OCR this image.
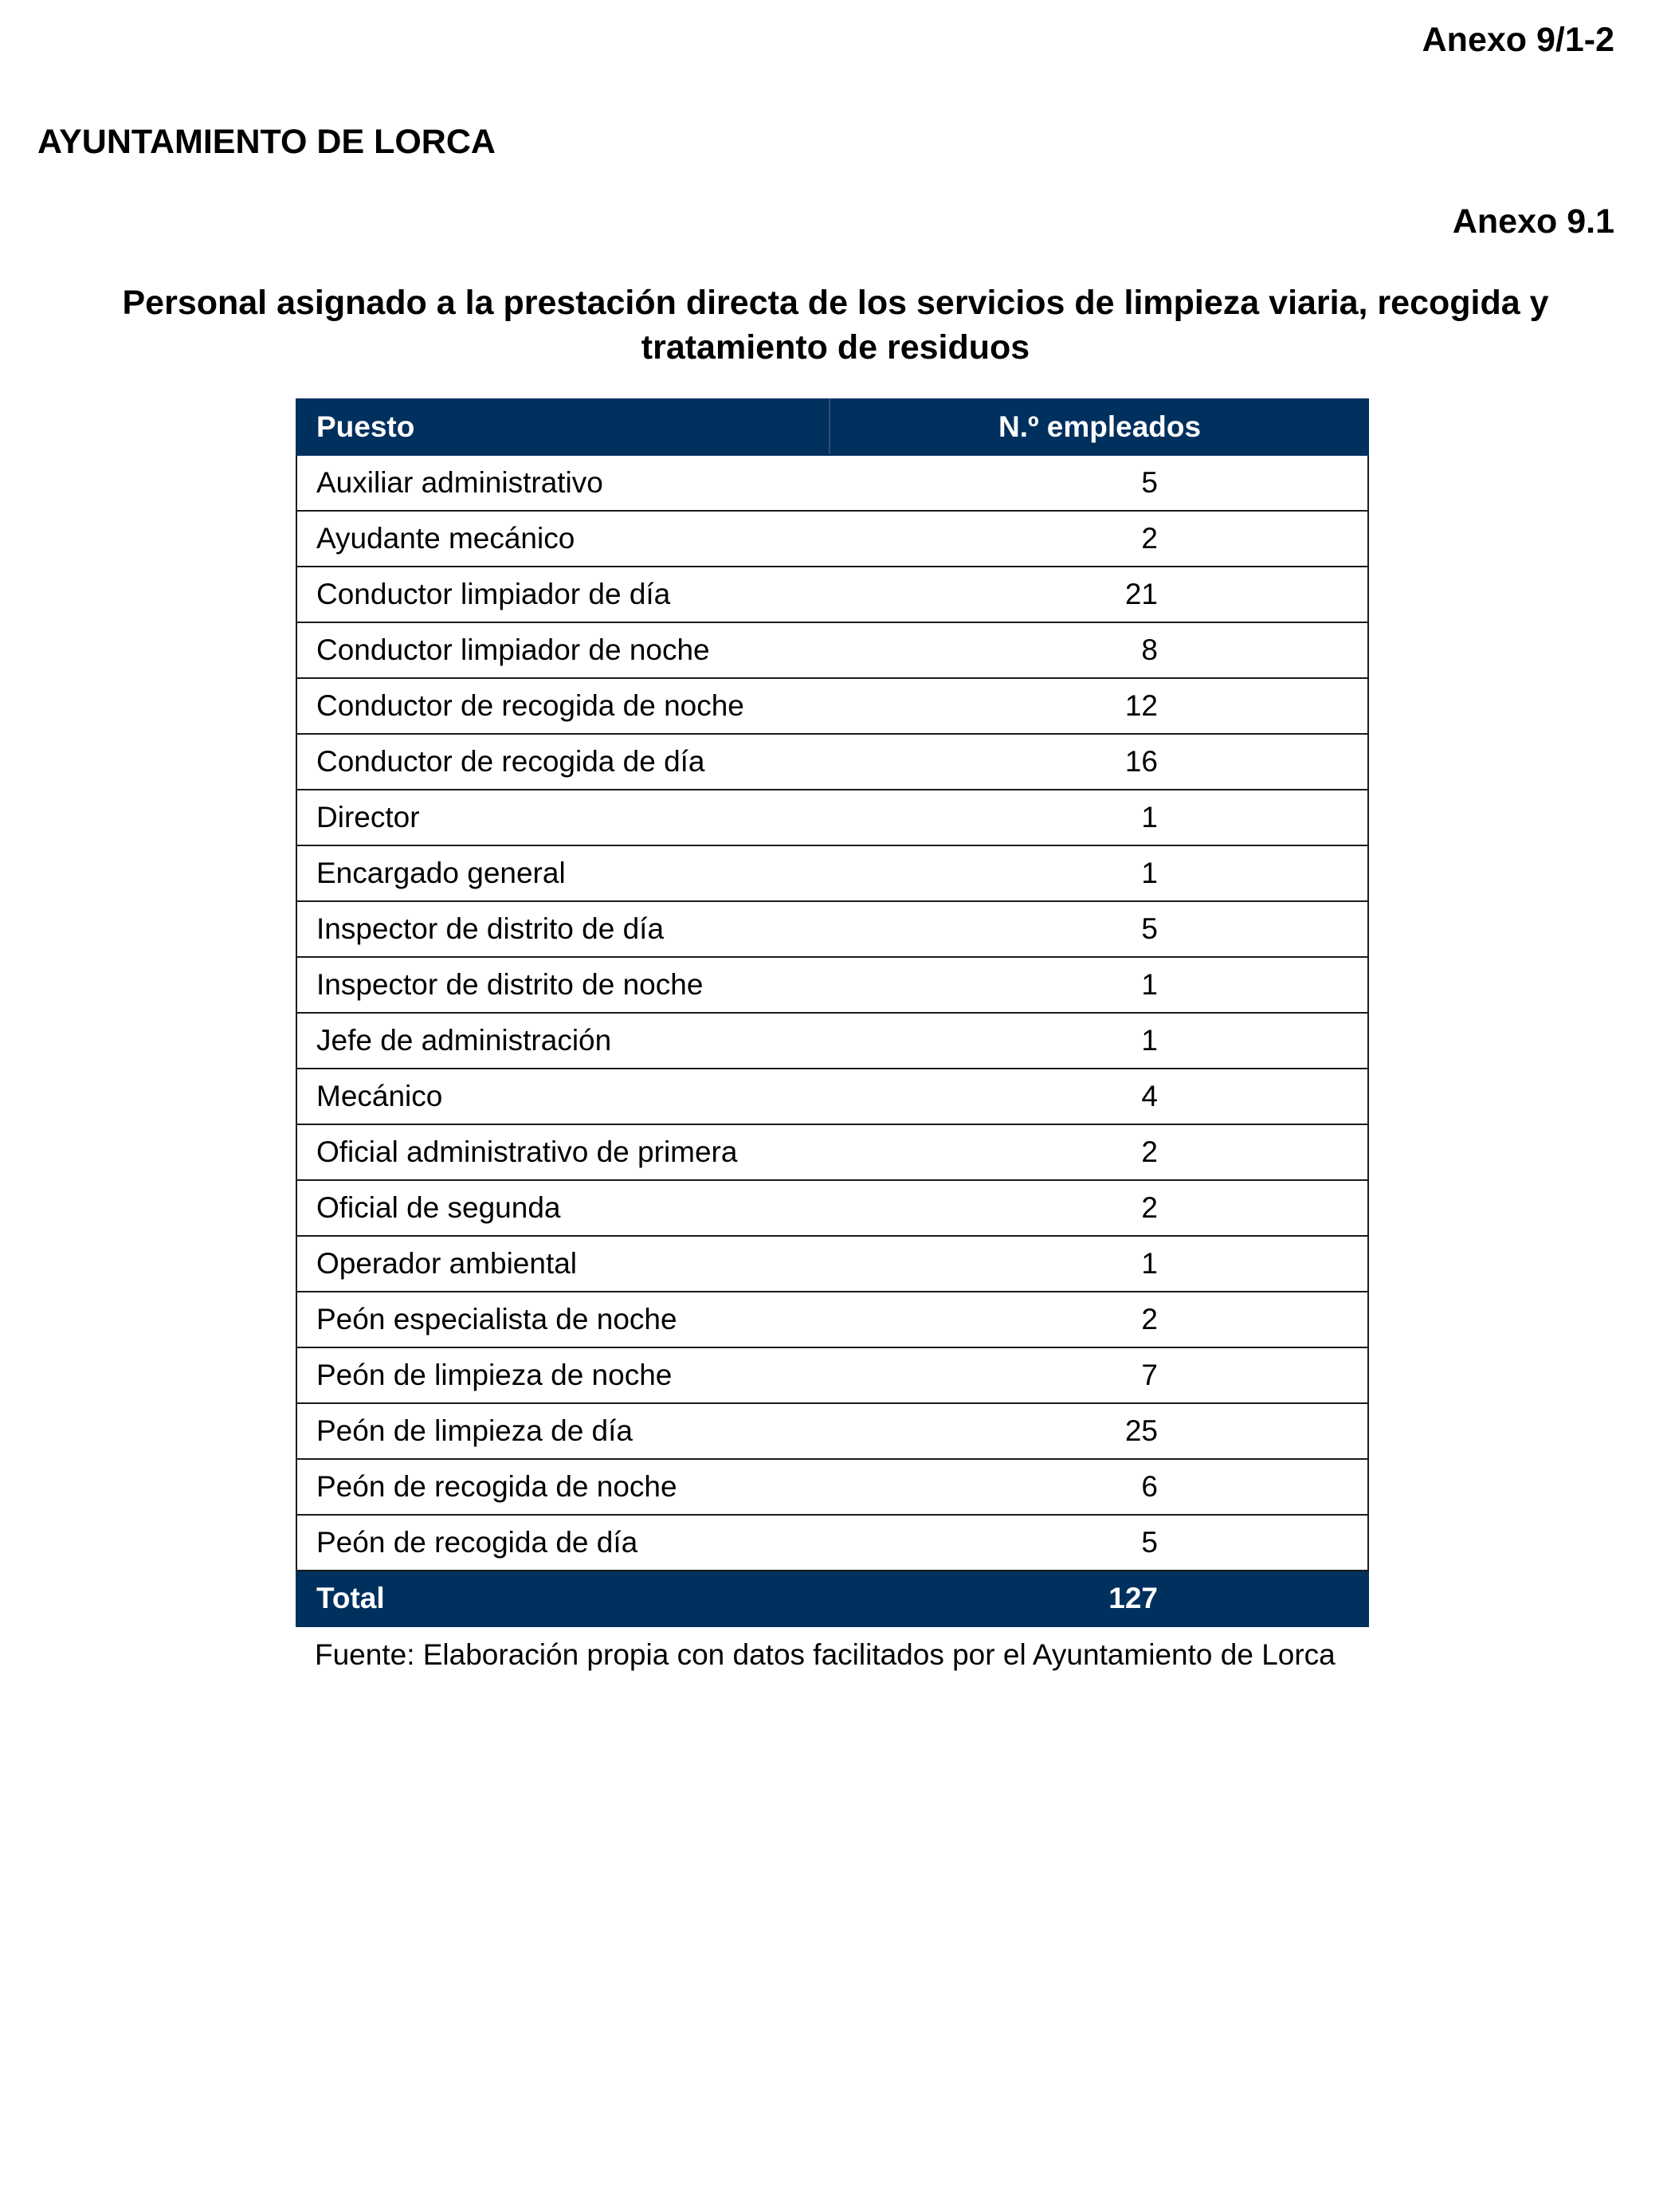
Anexo 9/1-2

AYUNTAMIENTO DE LORCA

Anexo 9.1

Personal asignado a la prestación directa de los servicios de limpieza viaria, recogida y tratamiento de residuos
Puesto	N.º empleados
Auxiliar administrativo	5

Ayudante mecánico	2

Conductor limpiador de día	21

Conductor limpiador de noche	8

Conductor de recogida de noche	12

Conductor de recogida de día	16

Director	1

Encargado general	1

Inspector de distrito de día	5

Inspector de distrito de noche	1

Jefe de administración	1

Mecánico	4

Oficial administrativo de primera	2

Oficial de segunda	2

Operador ambiental	1

Peón especialista de noche	2

Peón de limpieza de noche	7

Peón de limpieza de día	25

Peón de recogida de noche	6

Peón de recogida de día	5

Total	127

Fuente: Elaboración propia con datos facilitados por el Ayuntamiento de Lorca
